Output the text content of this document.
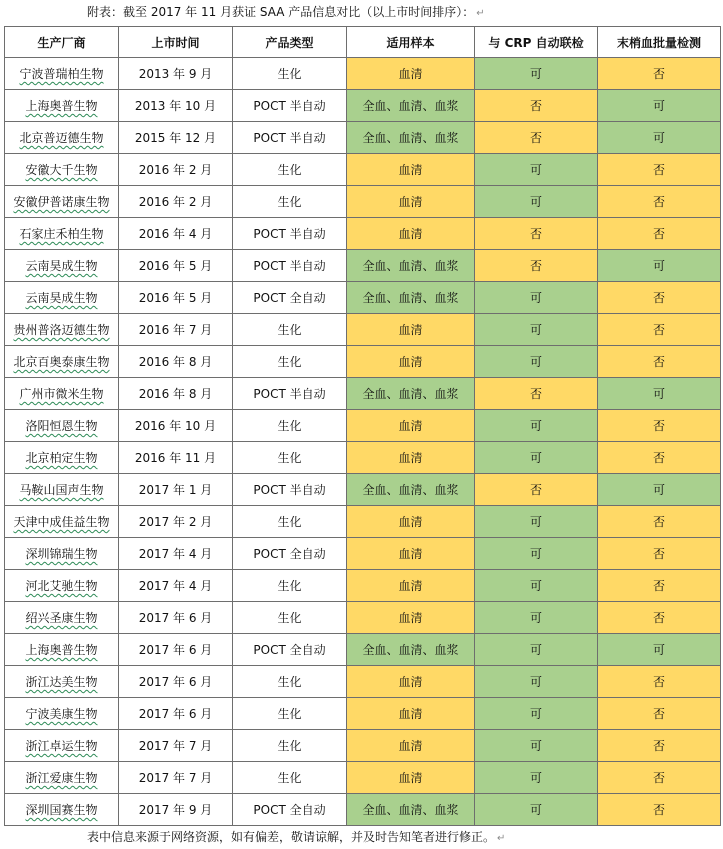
附表：截至 2017 年 11 月获证 SAA 产品信息对比（以上市时间排序）： ↵
生产厂商	上市时间	产品类型	适用样本	与 CRP 自动联检	末梢血批量检测
宁波普瑞柏生物	2013 年 9 月	生化	血清	可	否
上海奥普生物	2013 年 10 月	POCT 半自动	全血、血清、血浆	否	可
北京普迈德生物	2015 年 12 月	POCT 半自动	全血、血清、血浆	否	可
安徽大千生物	2016 年 2 月	生化	血清	可	否
安徽伊普诺康生物	2016 年 2 月	生化	血清	可	否
石家庄禾柏生物	2016 年 4 月	POCT 半自动	血清	否	否
云南昊成生物	2016 年 5 月	POCT 半自动	全血、血清、血浆	否	可
云南昊成生物	2016 年 5 月	POCT 全自动	全血、血清、血浆	可	否
贵州普洛迈德生物	2016 年 7 月	生化	血清	可	否
北京百奥泰康生物	2016 年 8 月	生化	血清	可	否
广州市微米生物	2016 年 8 月	POCT 半自动	全血、血清、血浆	否	可
洛阳恒恩生物	2016 年 10 月	生化	血清	可	否
北京柏定生物	2016 年 11 月	生化	血清	可	否
马鞍山国声生物	2017 年 1 月	POCT 半自动	全血、血清、血浆	否	可
天津中成佳益生物	2017 年 2 月	生化	血清	可	否
深圳锦瑞生物	2017 年 4 月	POCT 全自动	血清	可	否
河北艾驰生物	2017 年 4 月	生化	血清	可	否
绍兴圣康生物	2017 年 6 月	生化	血清	可	否
上海奥普生物	2017 年 6 月	POCT 全自动	全血、血清、血浆	可	可
浙江达美生物	2017 年 6 月	生化	血清	可	否
宁波美康生物	2017 年 6 月	生化	血清	可	否
浙江卓运生物	2017 年 7 月	生化	血清	可	否
浙江爱康生物	2017 年 7 月	生化	血清	可	否
深圳国赛生物	2017 年 9 月	POCT 全自动	全血、血清、血浆	可	否
表中信息来源于网络资源，如有偏差，敬请谅解，并及时告知笔者进行修正。 ↵
